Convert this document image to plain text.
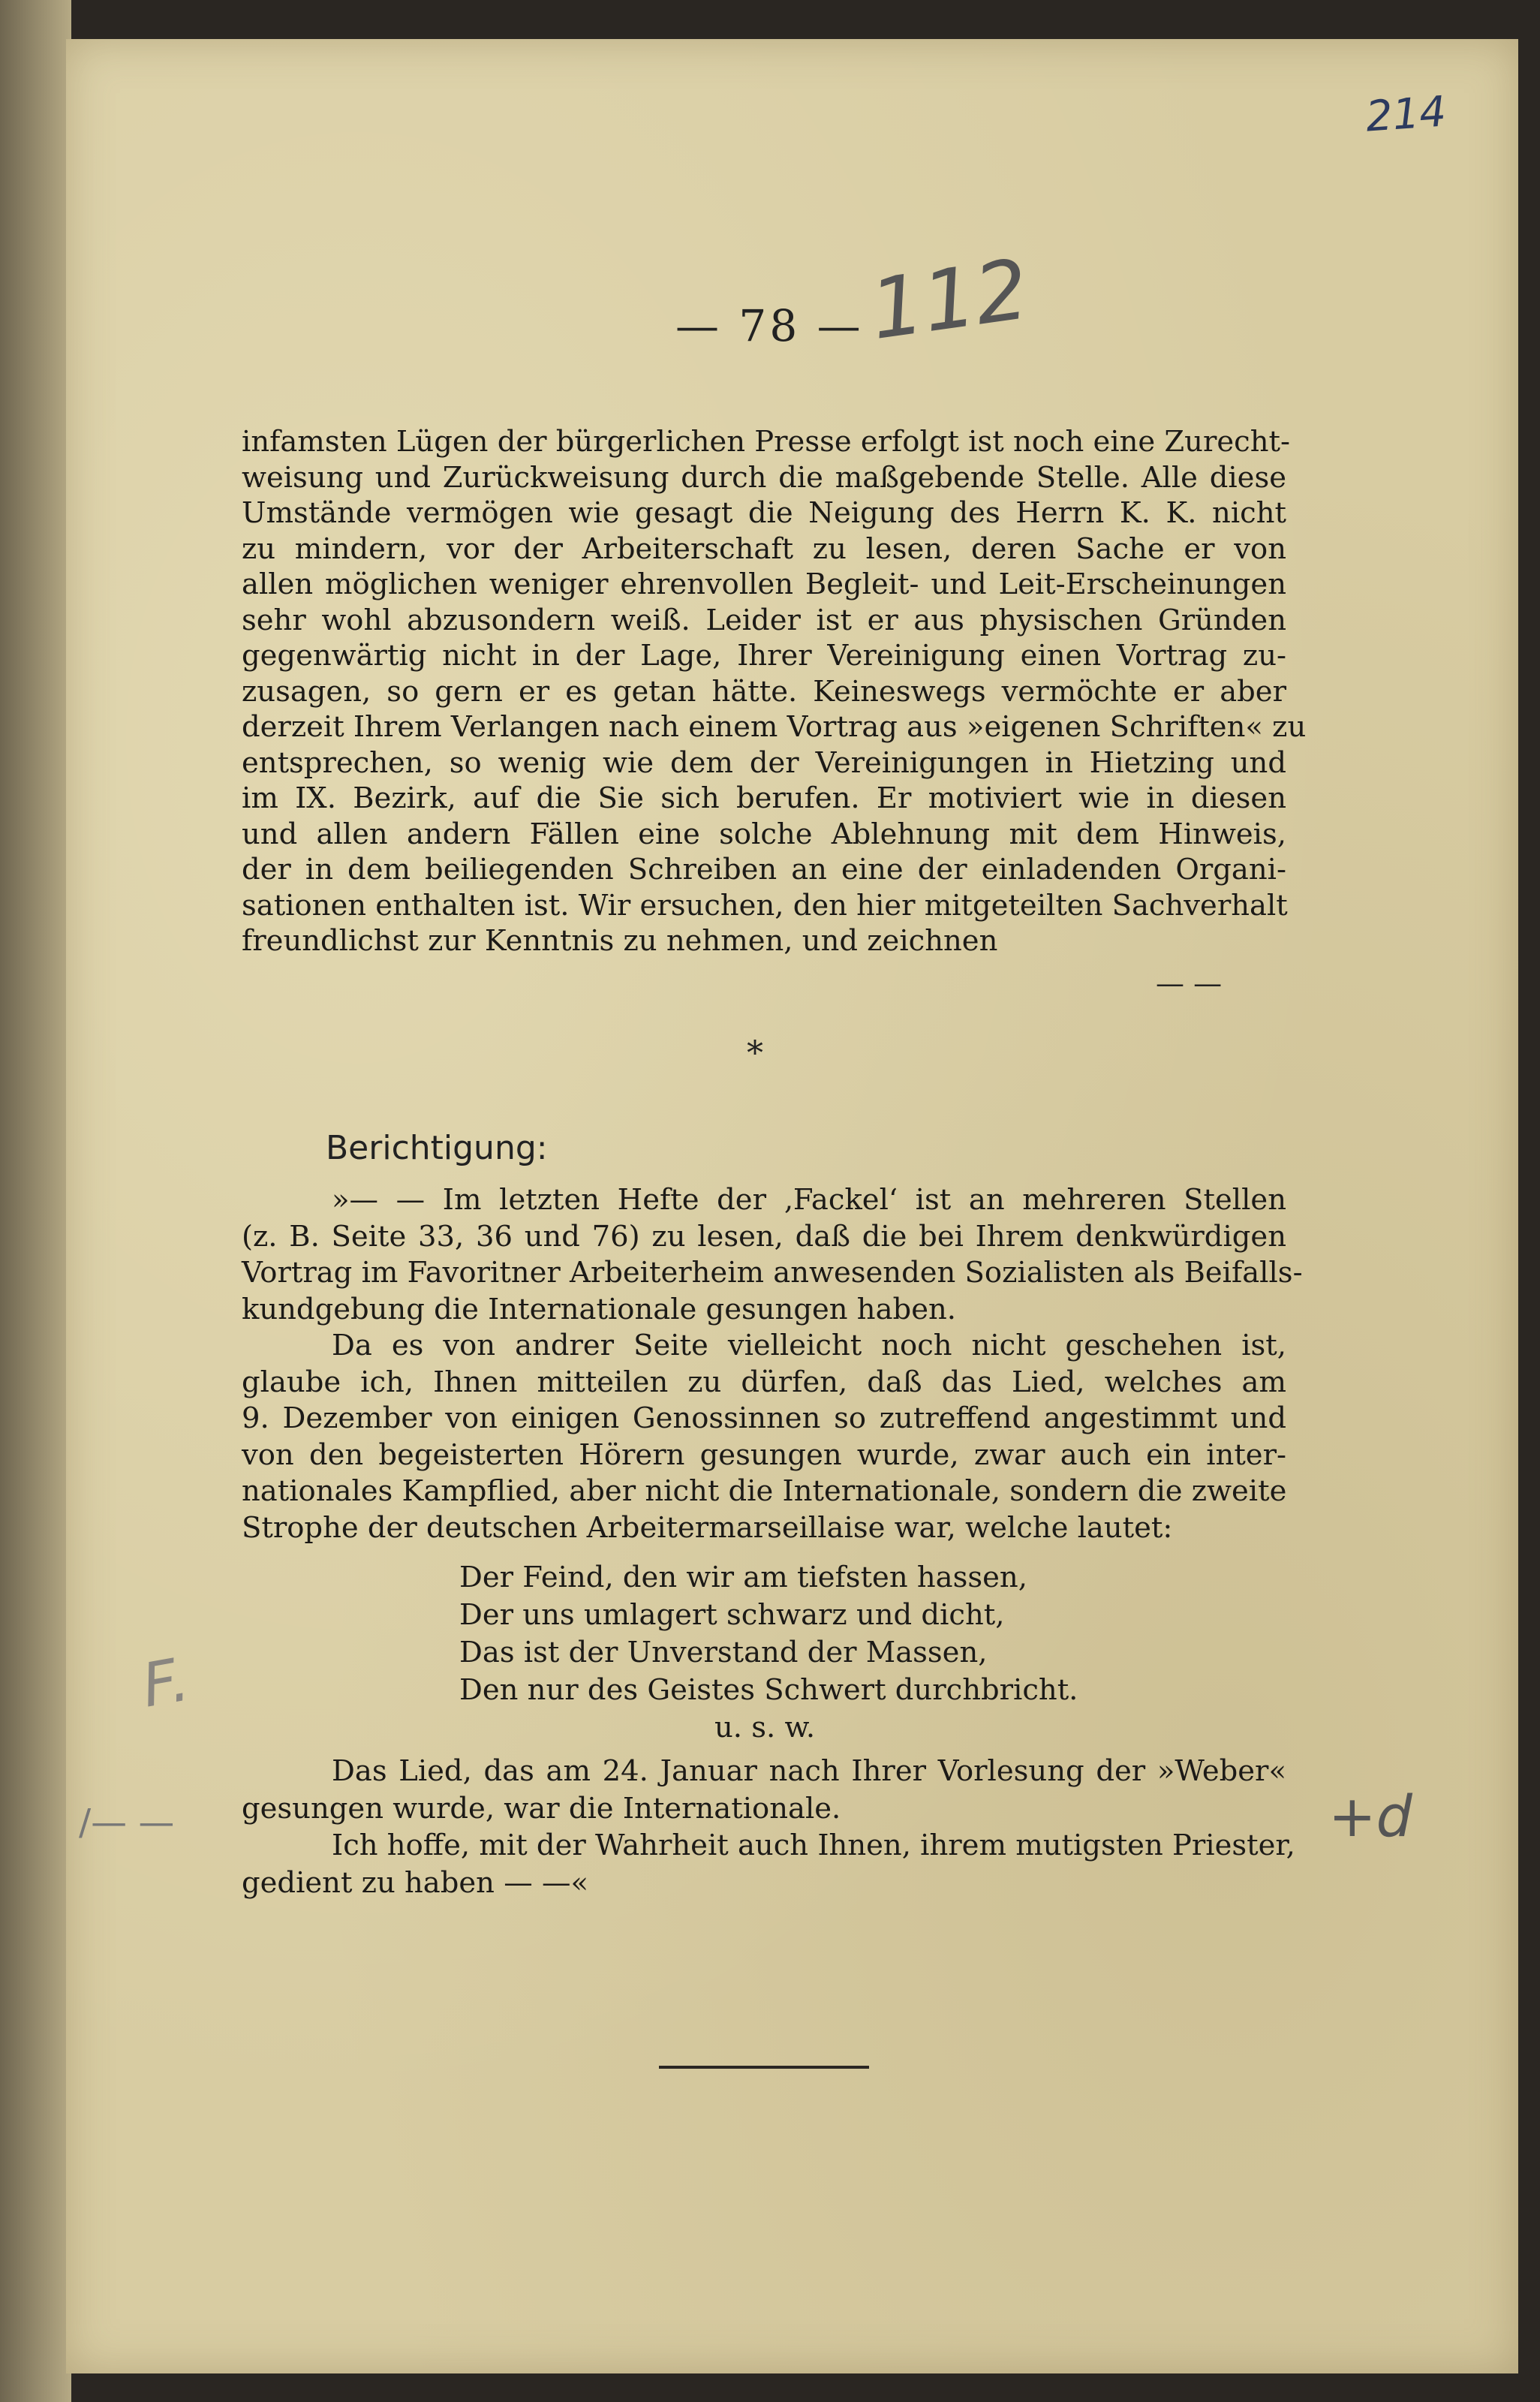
214
— 78 — 112
infamsten Lügen der bürgerlichen Presse erfolgt ist noch eine Zurecht-
weisung und Zurückweisung durch die maßgebende Stelle. Alle diese
Umstände vermögen wie gesagt die Neigung des Herrn K. K. nicht
zu mindern, vor der Arbeiterschaft zu lesen, deren Sache er von
allen möglichen weniger ehrenvollen Begleit- und Leit-Erscheinungen
sehr wohl abzusondern weiß. Leider ist er aus physischen Gründen
gegenwärtig nicht in der Lage, Ihrer Vereinigung einen Vortrag zu-
zusagen, so gern er es getan hätte. Keineswegs vermöchte er aber
derzeit Ihrem Verlangen nach einem Vortrag aus »eigenen Schriften« zu
entsprechen, so wenig wie dem der Vereinigungen in Hietzing und
im IX. Bezirk, auf die Sie sich berufen. Er motiviert wie in diesen
und allen andern Fällen eine solche Ablehnung mit dem Hinweis,
der in dem beiliegenden Schreiben an eine der einladenden Organi-
sationen enthalten ist. Wir ersuchen, den hier mitgeteilten Sachverhalt
freundlichst zur Kenntnis zu nehmen, und zeichnen
— —
*
Berichtigung:
»— — Im letzten Hefte der ‚Fackel‘ ist an mehreren Stellen
(z. B. Seite 33, 36 und 76) zu lesen, daß die bei Ihrem denkwürdigen
Vortrag im Favoritner Arbeiterheim anwesenden Sozialisten als Beifalls-
kundgebung die Internationale gesungen haben.
Da es von andrer Seite vielleicht noch nicht geschehen ist,
glaube ich, Ihnen mitteilen zu dürfen, daß das Lied, welches am
9. Dezember von einigen Genossinnen so zutreffend angestimmt und
von den begeisterten Hörern gesungen wurde, zwar auch ein inter-
nationales Kampflied, aber nicht die Internationale, sondern die zweite
Strophe der deutschen Arbeitermarseillaise war, welche lautet:
Der Feind, den wir am tiefsten hassen,
Der uns umlagert schwarz und dicht,
Das ist der Unverstand der Massen,
Den nur des Geistes Schwert durchbricht.
u. s. w.
Das Lied, das am 24. Januar nach Ihrer Vorlesung der »Weber«
gesungen wurde, war die Internationale.
Ich hoffe, mit der Wahrheit auch Ihnen, ihrem mutigsten Priester,
gedient zu haben — —«
F.
/— —	+d
